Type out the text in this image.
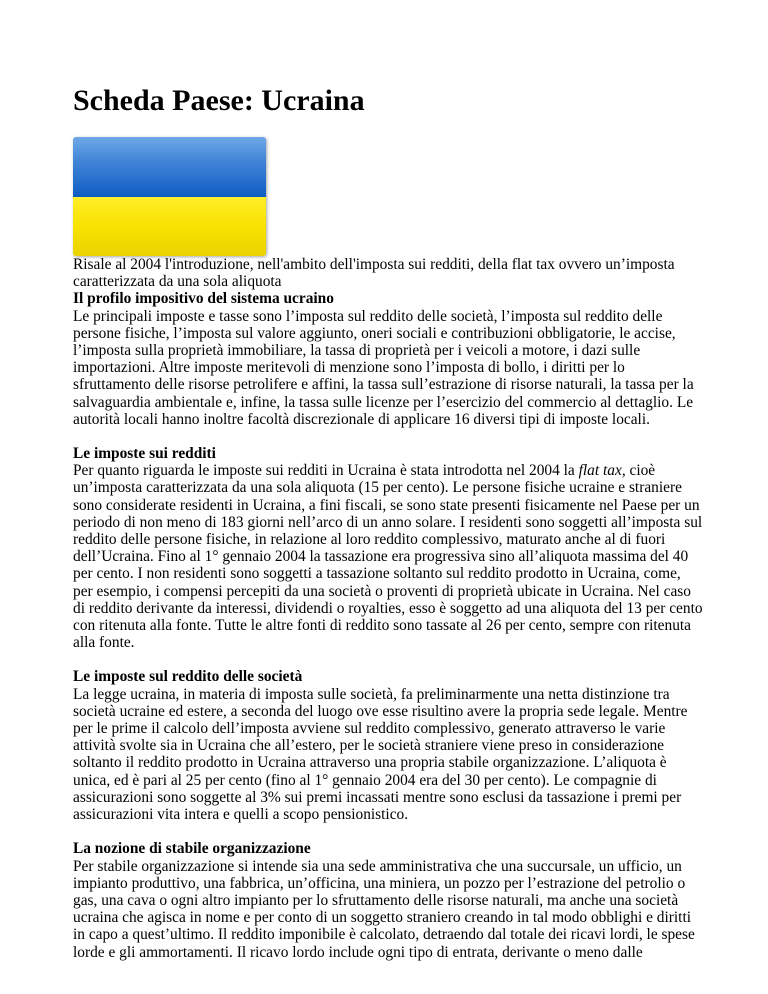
Scheda Paese: Ucraina

Risale al 2004 l'introduzione, nell'ambito dell'imposta sui redditi, della flat tax ovvero un’imposta caratterizzata da una sola aliquota

Il profilo impositivo del sistema ucraino

Le principali imposte e tasse sono l’imposta sul reddito delle società, l’imposta sul reddito delle persone fisiche, l’imposta sul valore aggiunto, oneri sociali e contribuzioni obbligatorie, le accise, l’imposta sulla proprietà immobiliare, la tassa di proprietà per i veicoli a motore, i dazi sulle importazioni. Altre imposte meritevoli di menzione sono l’imposta di bollo, i diritti per lo sfruttamento delle risorse petrolifere e affini, la tassa sull’estrazione di risorse naturali, la tassa per la salvaguardia ambientale e, infine, la tassa sulle licenze per l’esercizio del commercio al dettaglio. Le autorità locali hanno inoltre facoltà discrezionale di applicare 16 diversi tipi di imposte locali.

Le imposte sui redditi

Per quanto riguarda le imposte sui redditi in Ucraina è stata introdotta nel 2004 la flat tax, cioè un’imposta caratterizzata da una sola aliquota (15 per cento). Le persone fisiche ucraine e straniere sono considerate residenti in Ucraina, a fini fiscali, se sono state presenti fisicamente nel Paese per un periodo di non meno di 183 giorni nell’arco di un anno solare. I residenti sono soggetti all’imposta sul reddito delle persone fisiche, in relazione al loro reddito complessivo, maturato anche al di fuori dell’Ucraina. Fino al 1° gennaio 2004 la tassazione era progressiva sino all’aliquota massima del 40 per cento. I non residenti sono soggetti a tassazione soltanto sul reddito prodotto in Ucraina, come, per esempio, i compensi percepiti da una società o proventi di proprietà ubicate in Ucraina. Nel caso di reddito derivante da interessi, dividendi o royalties, esso è soggetto ad una aliquota del 13 per cento con ritenuta alla fonte. Tutte le altre fonti di reddito sono tassate al 26 per cento, sempre con ritenuta alla fonte.

Le imposte sul reddito delle società

La legge ucraina, in materia di imposta sulle società, fa preliminarmente una netta distinzione tra società ucraine ed estere, a seconda del luogo ove esse risultino avere la propria sede legale. Mentre per le prime il calcolo dell’imposta avviene sul reddito complessivo, generato attraverso le varie attività svolte sia in Ucraina che all’estero, per le società straniere viene preso in considerazione soltanto il reddito prodotto in Ucraina attraverso una propria stabile organizzazione. L’aliquota è unica, ed è pari al 25 per cento (fino al 1° gennaio 2004 era del 30 per cento). Le compagnie di assicurazioni sono soggette al 3% sui premi incassati mentre sono esclusi da tassazione i premi per assicurazioni vita intera e quelli a scopo pensionistico.

La nozione di stabile organizzazione

Per stabile organizzazione si intende sia una sede amministrativa che una succursale, un ufficio, un impianto produttivo, una fabbrica, un’officina, una miniera, un pozzo per l’estrazione del petrolio o gas, una cava o ogni altro impianto per lo sfruttamento delle risorse naturali, ma anche una società ucraina che agisca in nome e per conto di un soggetto straniero creando in tal modo obblighi e diritti in capo a quest’ultimo. Il reddito imponibile è calcolato, detraendo dal totale dei ricavi lordi, le spese lorde e gli ammortamenti. Il ricavo lordo include ogni tipo di entrata, derivante o meno dalle
